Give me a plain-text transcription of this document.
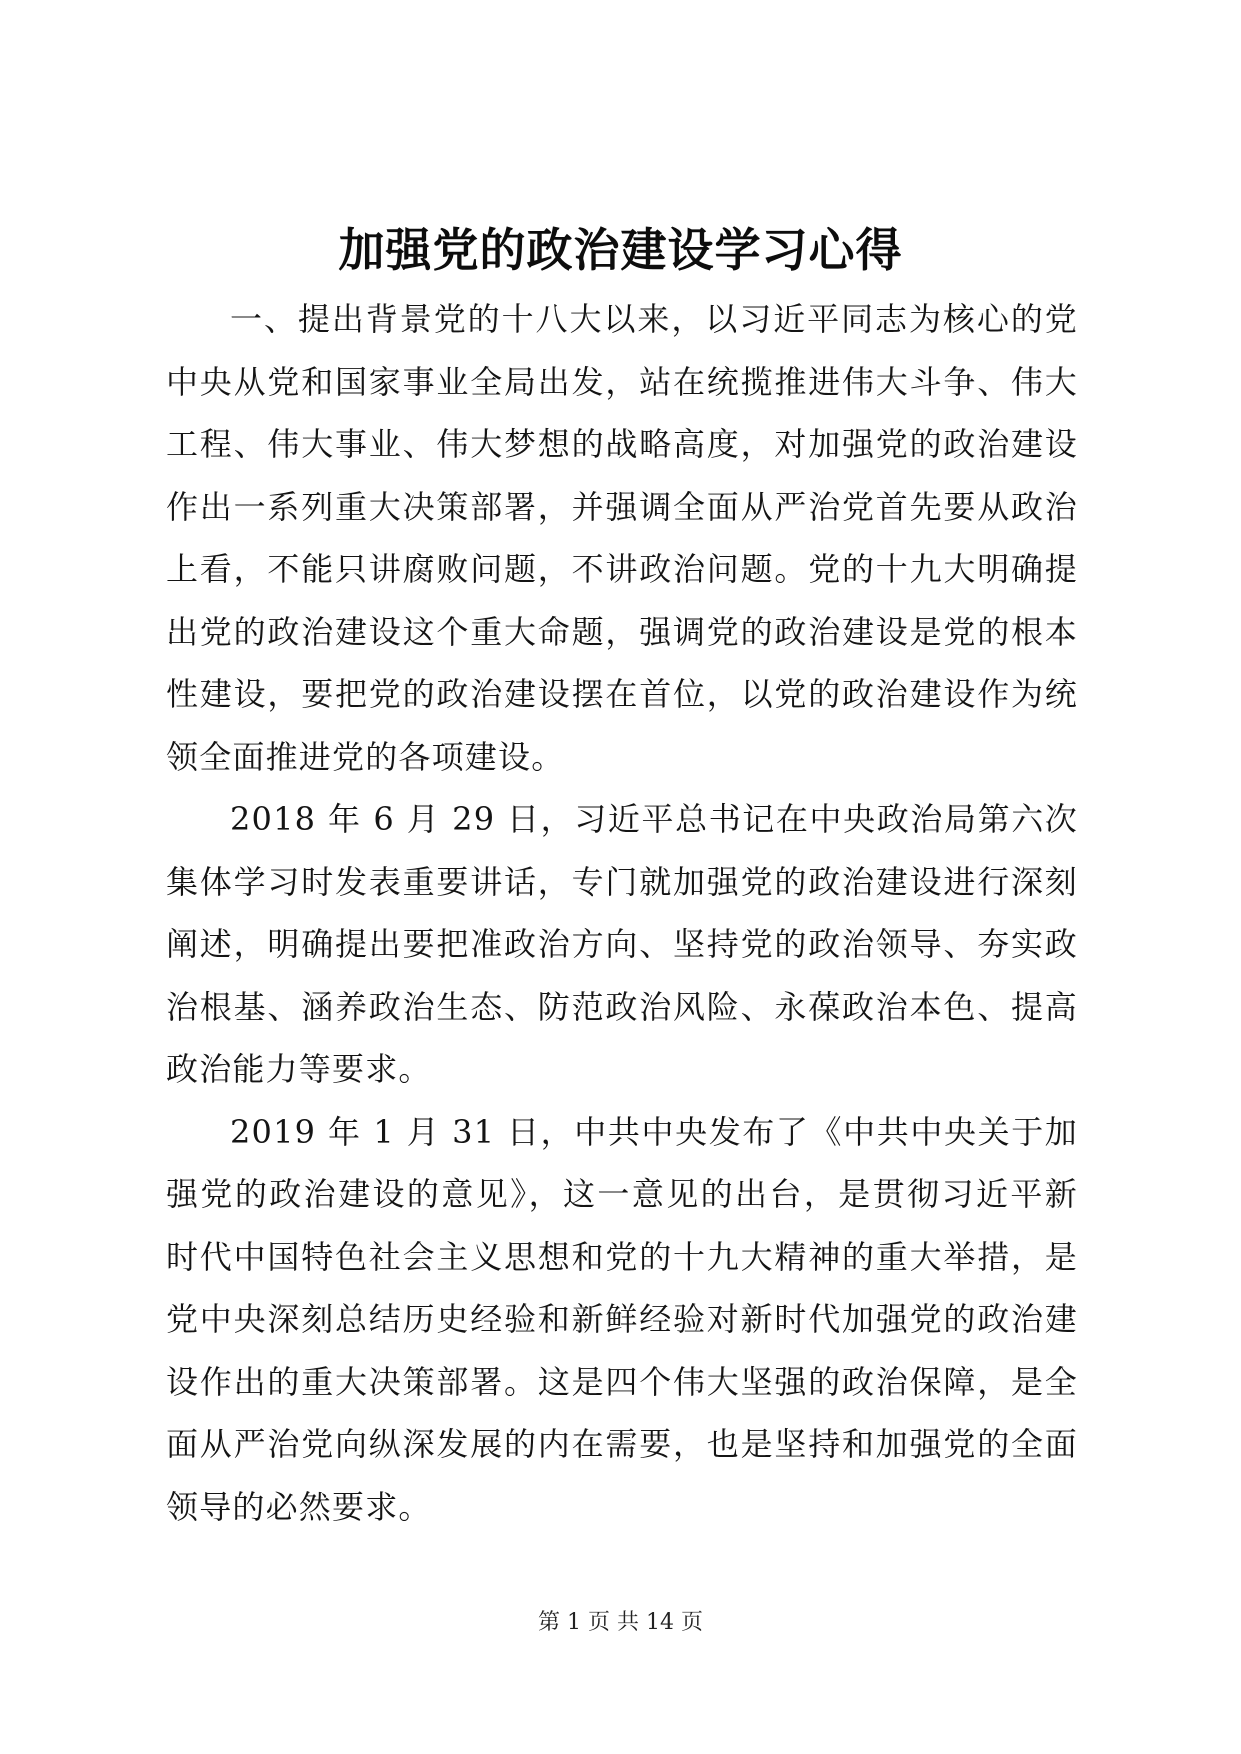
加强党的政治建设学习心得

一、提出背景党的十八大以来，以习近平同志为核心的党中央从党和国家事业全局出发，站在统揽推进伟大斗争、伟大工程、伟大事业、伟大梦想的战略高度，对加强党的政治建设作出一系列重大决策部署，并强调全面从严治党首先要从政治上看，不能只讲腐败问题，不讲政治问题。党的十九大明确提出党的政治建设这个重大命题，强调党的政治建设是党的根本性建设，要把党的政治建设摆在首位，以党的政治建设作为统领全面推进党的各项建设。

2018 年 6 月 29 日，习近平总书记在中央政治局第六次集体学习时发表重要讲话，专门就加强党的政治建设进行深刻阐述，明确提出要把准政治方向、坚持党的政治领导、夯实政治根基、涵养政治生态、防范政治风险、永葆政治本色、提高政治能力等要求。

2019 年 1 月 31 日，中共中央发布了《中共中央关于加强党的政治建设的意见》，这一意见的出台，是贯彻习近平新时代中国特色社会主义思想和党的十九大精神的重大举措，是党中央深刻总结历史经验和新鲜经验对新时代加强党的政治建设作出的重大决策部署。这是四个伟大坚强的政治保障，是全面从严治党向纵深发展的内在需要，也是坚持和加强党的全面领导的必然要求。

第 1 页 共 14 页
